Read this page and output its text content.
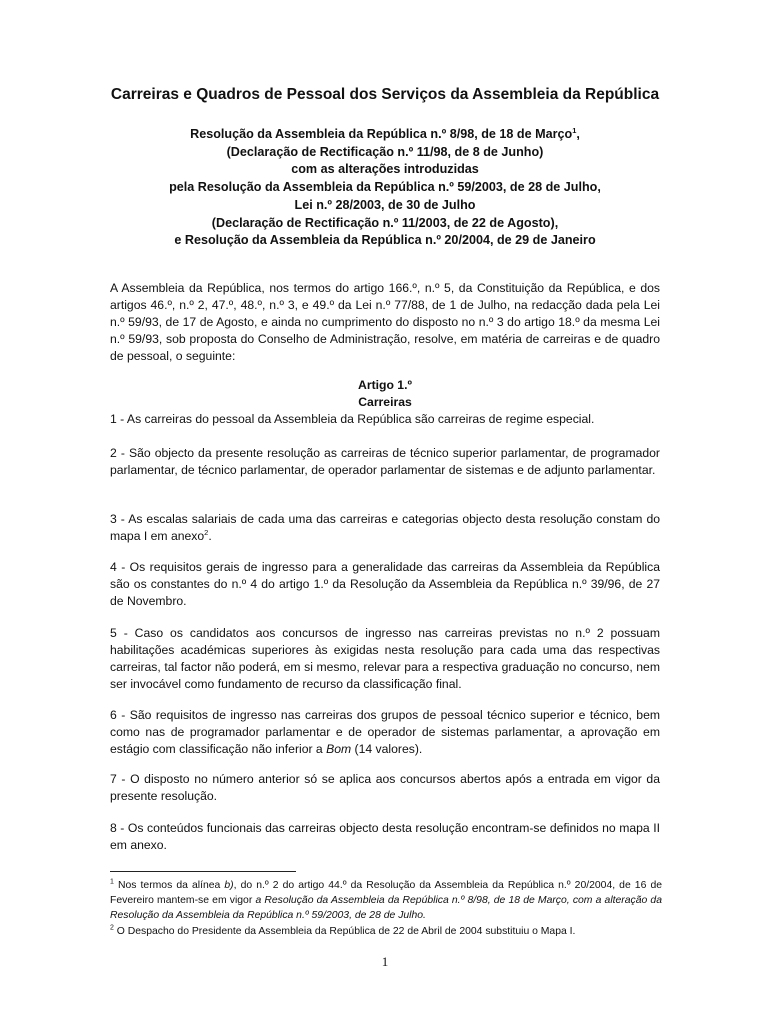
Carreiras e Quadros de Pessoal dos Serviços da Assembleia da República
Resolução da Assembleia da República n.º 8/98, de 18 de Março$^1$,
(Declaração de Rectificação n.º 11/98, de 8 de Junho)
com as alterações introduzidas
pela Resolução da Assembleia da República n.º 59/2003, de 28 de Julho,
Lei n.º 28/2003, de 30 de Julho
(Declaração de Rectificação n.º 11/2003, de 22 de Agosto),
e Resolução da Assembleia da República n.º 20/2004, de 29 de Janeiro
A Assembleia da República, nos termos do artigo 166.º, n.º 5, da Constituição da República, e dos artigos 46.º, n.º 2, 47.º, 48.º, n.º 3, e 49.º da Lei n.º 77/88, de 1 de Julho, na redacção dada pela Lei n.º 59/93, de 17 de Agosto, e ainda no cumprimento do disposto no n.º 3 do artigo 18.º da mesma Lei n.º 59/93, sob proposta do Conselho de Administração, resolve, em matéria de carreiras e de quadro de pessoal, o seguinte:
Artigo 1.º
Carreiras
1 - As carreiras do pessoal da Assembleia da República são carreiras de regime especial.
2 - São objecto da presente resolução as carreiras de técnico superior parlamentar, de programador parlamentar, de técnico parlamentar, de operador parlamentar de sistemas e de adjunto parlamentar.
3 - As escalas salariais de cada uma das carreiras e categorias objecto desta resolução constam do mapa I em anexo$^2$.
4 - Os requisitos gerais de ingresso para a generalidade das carreiras da Assembleia da República são os constantes do n.º 4 do artigo 1.º da Resolução da Assembleia da República n.º 39/96, de 27 de Novembro.
5 - Caso os candidatos aos concursos de ingresso nas carreiras previstas no n.º 2 possuam habilitações académicas superiores às exigidas nesta resolução para cada uma das respectivas carreiras, tal factor não poderá, em si mesmo, relevar para a respectiva graduação no concurso, nem ser invocável como fundamento de recurso da classificação final.
6 - São requisitos de ingresso nas carreiras dos grupos de pessoal técnico superior e técnico, bem como nas de programador parlamentar e de operador de sistemas parlamentar, a aprovação em estágio com classificação não inferior a Bom (14 valores).
7 - O disposto no número anterior só se aplica aos concursos abertos após a entrada em vigor da presente resolução.
8 - Os conteúdos funcionais das carreiras objecto desta resolução encontram-se definidos no mapa II em anexo.
$^1$ Nos termos da alínea b), do n.º 2 do artigo 44.º da Resolução da Assembleia da República n.º 20/2004, de 16 de Fevereiro mantem-se em vigor a Resolução da Assembleia da República n.º 8/98, de 18 de Março, com a alteração da Resolução da Assembleia da República n.º 59/2003, de 28 de Julho.
$^2$ O Despacho do Presidente da Assembleia da República de 22 de Abril de 2004 substituiu o Mapa I.
1
